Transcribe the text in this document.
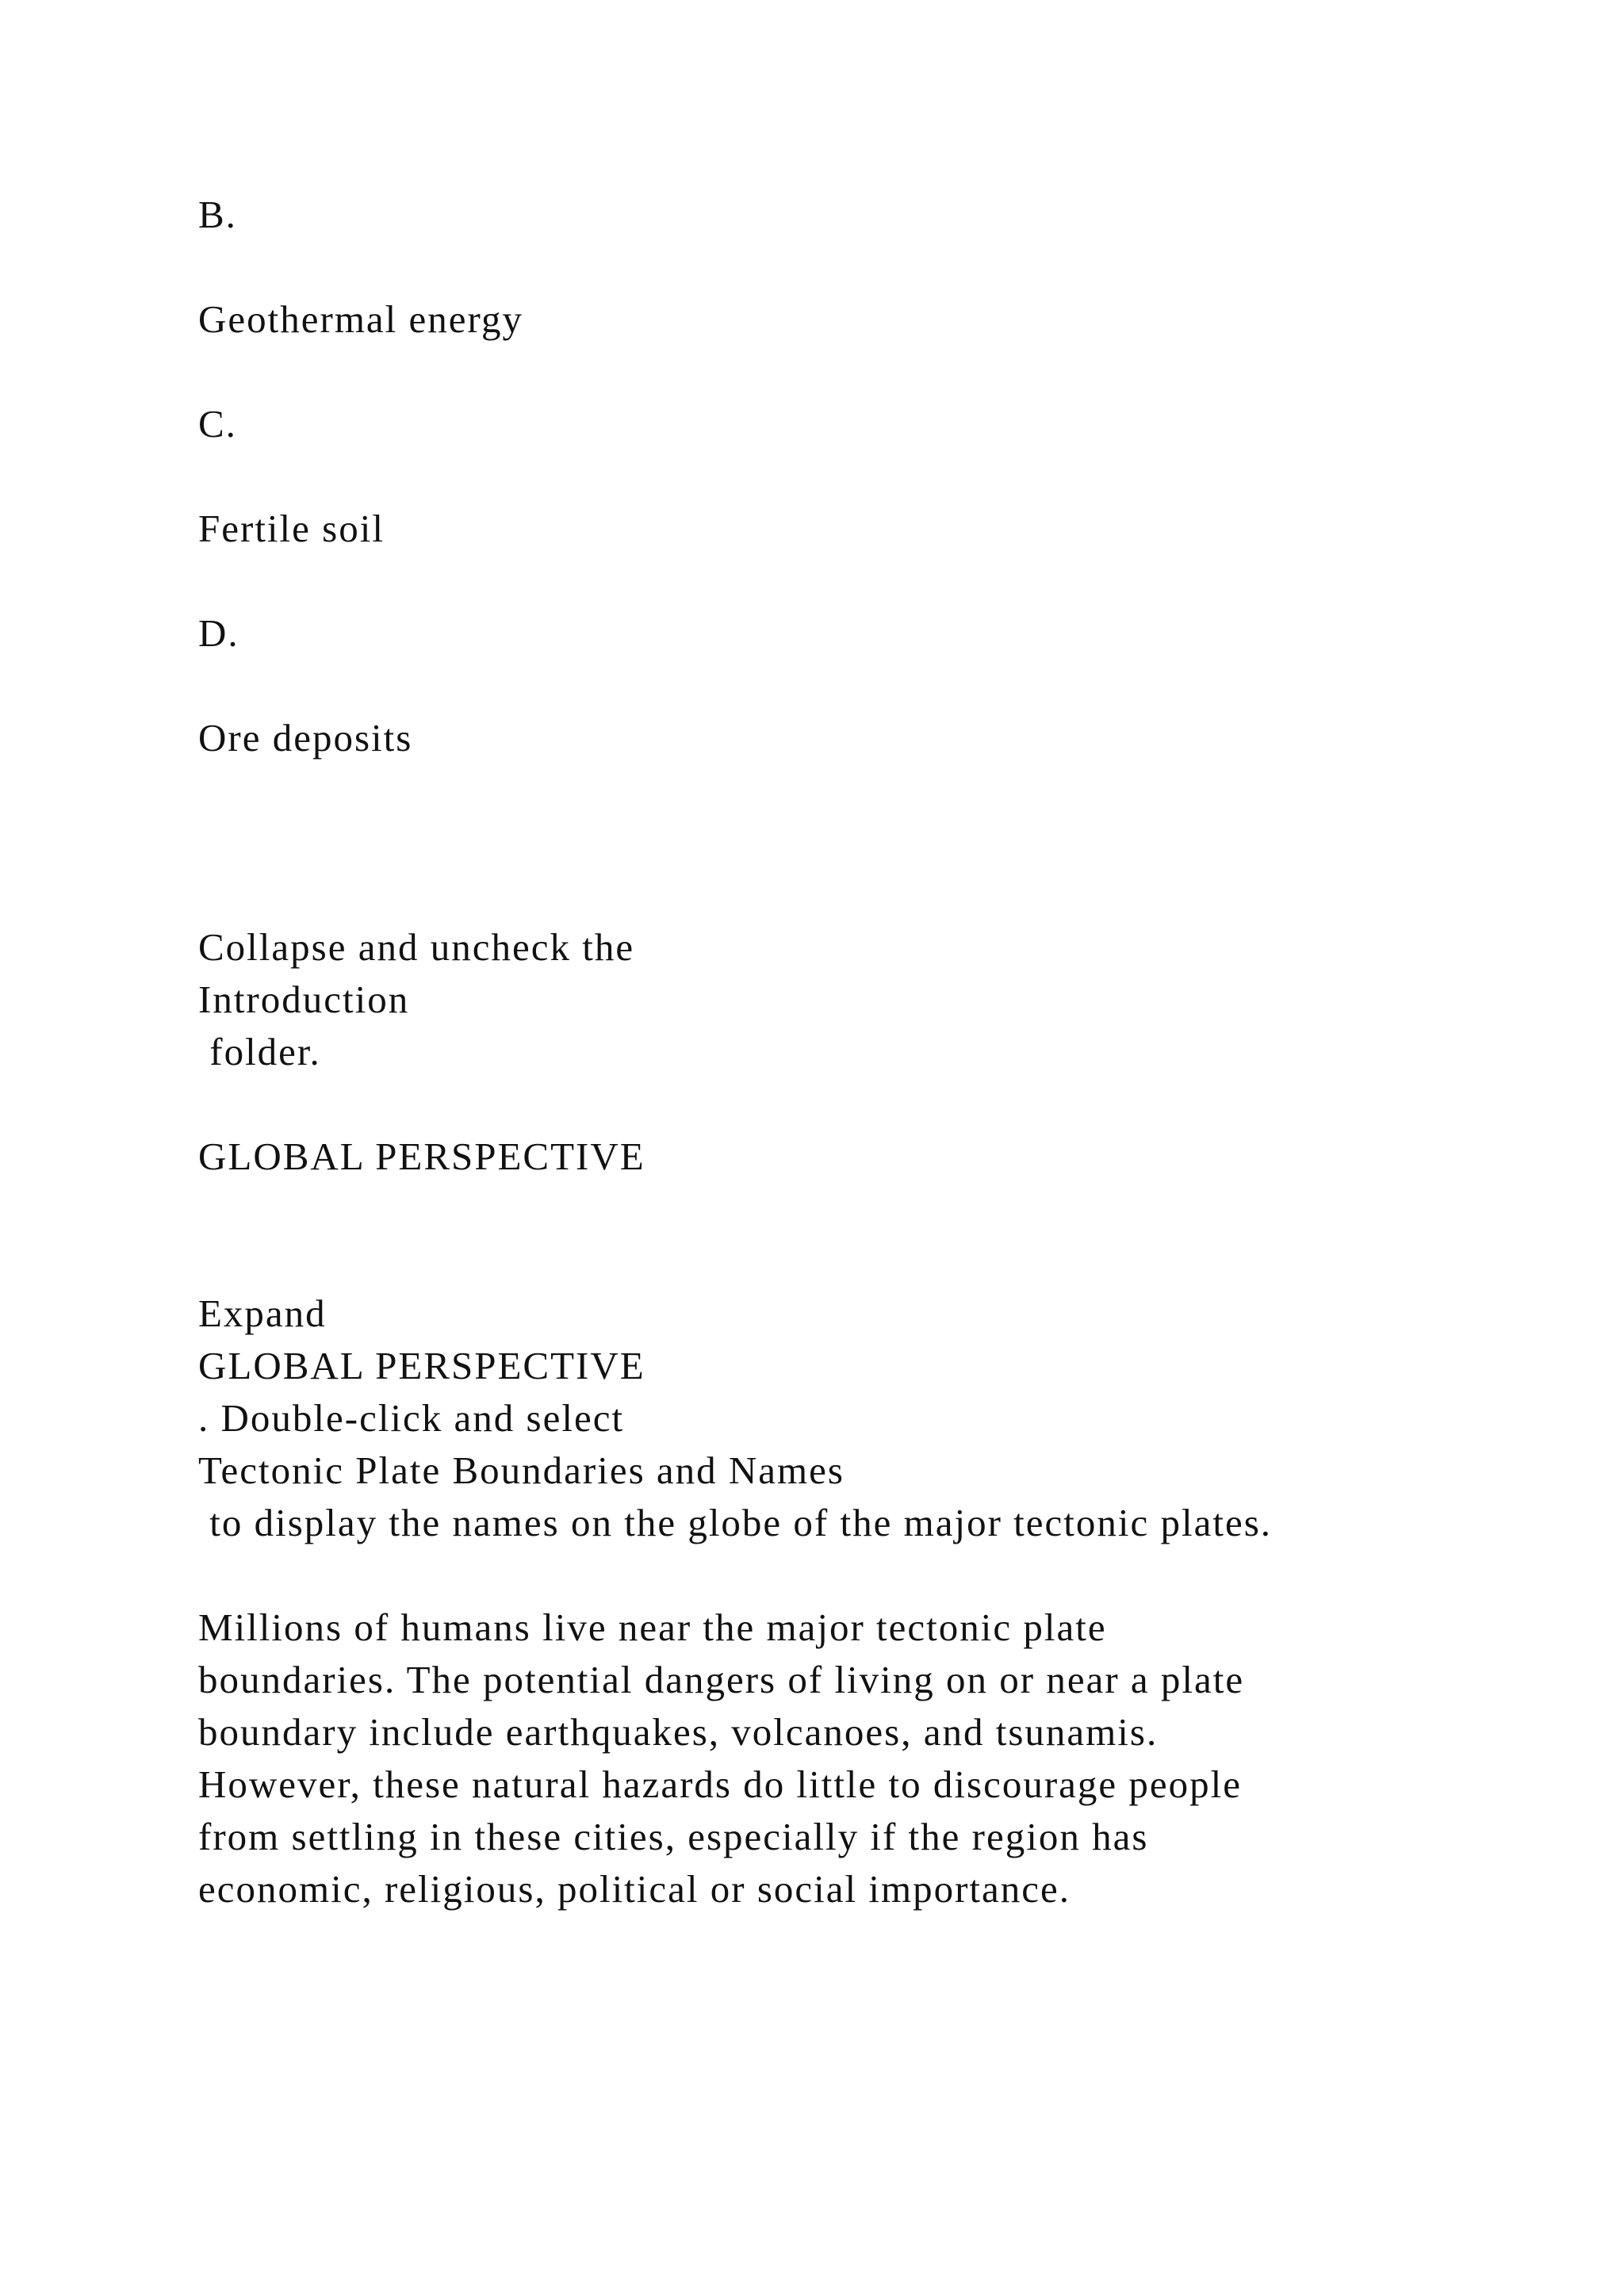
B.
Geothermal energy
C.
Fertile soil
D.
Ore deposits
Collapse and uncheck the
Introduction
folder.
GLOBAL PERSPECTIVE
Expand
GLOBAL PERSPECTIVE
. Double-click and select
Tectonic Plate Boundaries and Names
to display the names on the globe of the major tectonic plates.
Millions of humans live near the major tectonic plate
boundaries. The potential dangers of living on or near a plate
boundary include earthquakes, volcanoes, and tsunamis.
However, these natural hazards do little to discourage people
from settling in these cities, especially if the region has
economic, religious, political or social importance.
